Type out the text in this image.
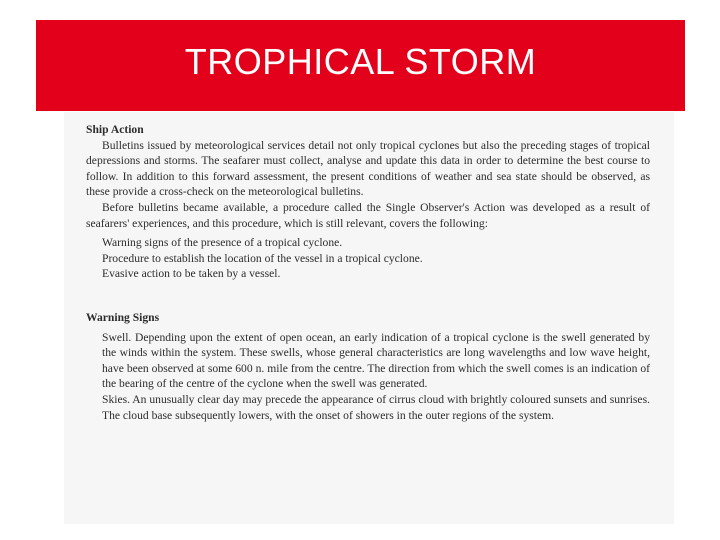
TROPHICAL STORM

Ship Action

Bulletins issued by meteorological services detail not only tropical cyclones but also the preceding stages of tropical depressions and storms. The seafarer must collect, analyse and update this data in order to determine the best course to follow. In addition to this forward assessment, the present conditions of weather and sea state should be observed, as these provide a cross-check on the meteorological bulletins.

Before bulletins became available, a procedure called the Single Observer's Action was developed as a result of seafarers' experiences, and this procedure, which is still relevant, covers the following:

Warning signs of the presence of a tropical cyclone.
Procedure to establish the location of the vessel in a tropical cyclone.
Evasive action to be taken by a vessel.

Warning Signs

Swell. Depending upon the extent of open ocean, an early indication of a tropical cyclone is the swell generated by the winds within the system. These swells, whose general characteristics are long wavelengths and low wave height, have been observed at some 600 n. mile from the centre. The direction from which the swell comes is an indication of the bearing of the centre of the cyclone when the swell was generated.
Skies. An unusually clear day may precede the appearance of cirrus cloud with brightly coloured sunsets and sunrises. The cloud base subsequently lowers, with the onset of showers in the outer regions of the system.
